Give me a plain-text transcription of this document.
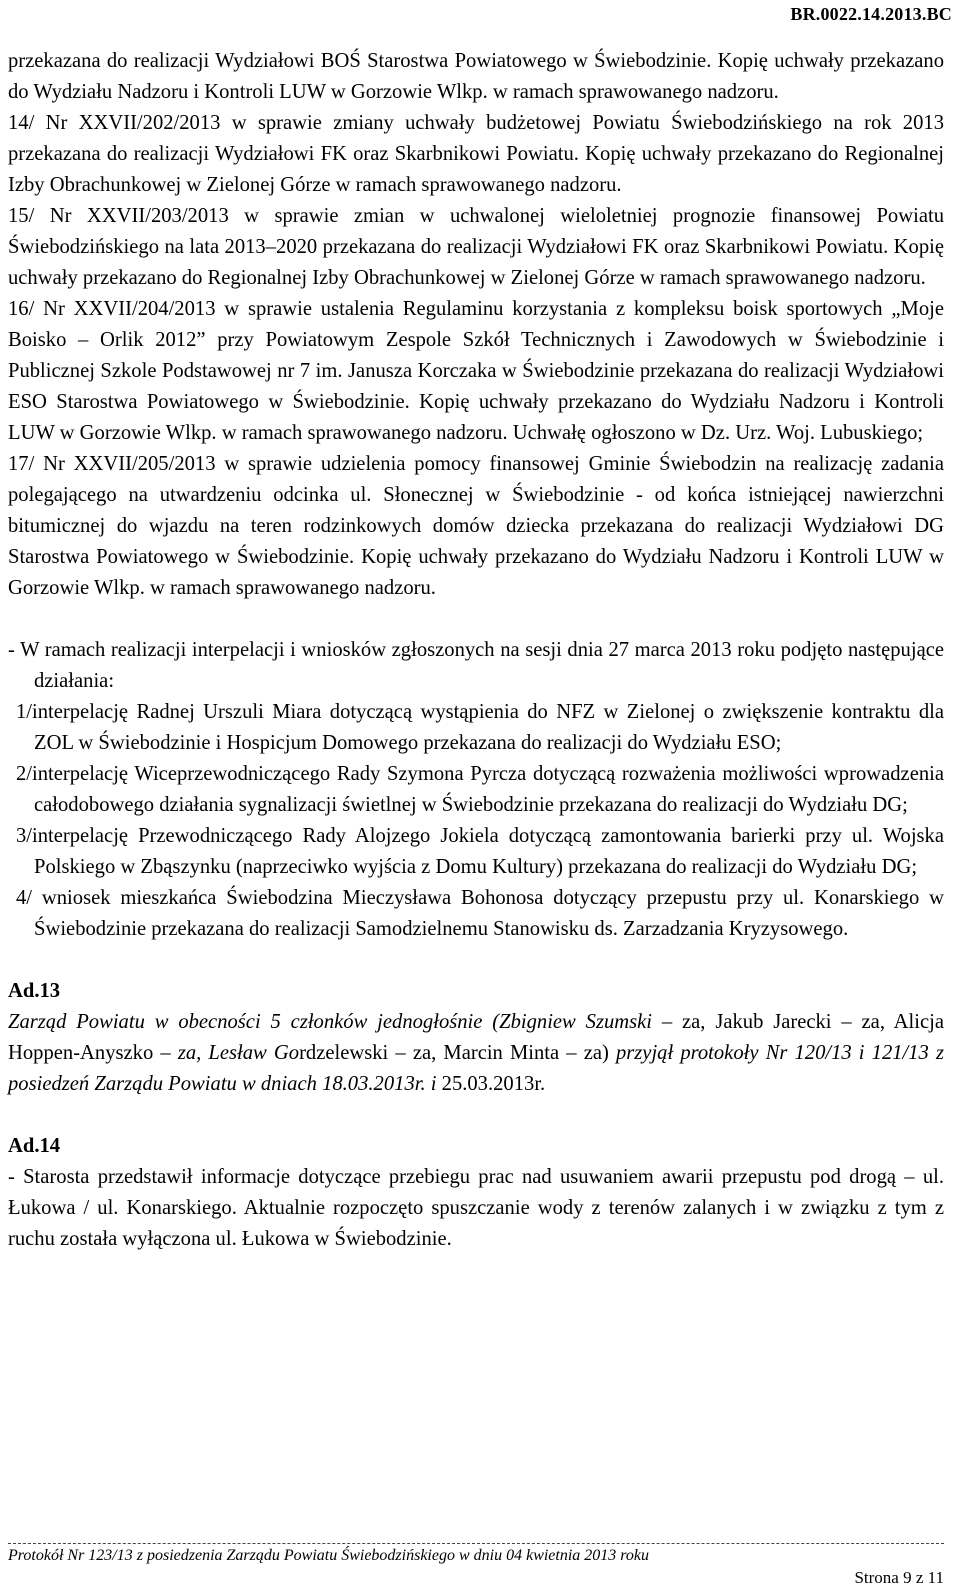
BR.0022.14.2013.BC

przekazana do realizacji Wydziałowi BOŚ Starostwa Powiatowego w Świebodzinie. Kopię uchwały przekazano do Wydziału Nadzoru i Kontroli LUW w Gorzowie Wlkp. w ramach sprawowanego nadzoru.

14/ Nr XXVII/202/2013 w sprawie zmiany uchwały budżetowej Powiatu Świebodzińskiego na rok 2013 przekazana do realizacji Wydziałowi FK oraz Skarbnikowi Powiatu. Kopię uchwały przekazano do Regionalnej Izby Obrachunkowej w Zielonej Górze w ramach sprawowanego nadzoru.

15/ Nr XXVII/203/2013 w sprawie zmian w uchwalonej wieloletniej prognozie finansowej Powiatu Świebodzińskiego na lata 2013–2020 przekazana do realizacji Wydziałowi FK oraz Skarbnikowi Powiatu. Kopię uchwały przekazano do Regionalnej Izby Obrachunkowej w Zielonej Górze w ramach sprawowanego nadzoru.

16/ Nr XXVII/204/2013 w sprawie ustalenia Regulaminu korzystania z kompleksu boisk sportowych „Moje Boisko – Orlik 2012” przy Powiatowym Zespole Szkół Technicznych i Zawodowych w Świebodzinie i Publicznej Szkole Podstawowej nr 7 im. Janusza Korczaka w Świebodzinie przekazana do realizacji Wydziałowi ESO Starostwa Powiatowego w Świebodzinie. Kopię uchwały przekazano do Wydziału Nadzoru i Kontroli LUW w Gorzowie Wlkp. w ramach sprawowanego nadzoru. Uchwałę ogłoszono w Dz. Urz. Woj. Lubuskiego;

17/ Nr XXVII/205/2013 w sprawie udzielenia pomocy finansowej Gminie Świebodzin na realizację zadania polegającego na utwardzeniu odcinka ul. Słonecznej w Świebodzinie - od końca istniejącej nawierzchni bitumicznej do wjazdu na teren rodzinkowych domów dziecka przekazana do realizacji Wydziałowi DG Starostwa Powiatowego w Świebodzinie. Kopię uchwały przekazano do Wydziału Nadzoru i Kontroli LUW w Gorzowie Wlkp. w ramach sprawowanego nadzoru.

- W ramach realizacji interpelacji i wniosków zgłoszonych na sesji dnia 27 marca 2013 roku podjęto następujące działania:

1/interpelację Radnej Urszuli Miara dotyczącą wystąpienia do NFZ w Zielonej o zwiększenie kontraktu dla ZOL w Świebodzinie i Hospicjum Domowego przekazana do realizacji do Wydziału ESO;

2/interpelację Wiceprzewodniczącego Rady Szymona Pyrcza dotyczącą rozważenia możliwości wprowadzenia całodobowego działania sygnalizacji świetlnej w Świebodzinie przekazana do realizacji do Wydziału DG;

3/interpelację Przewodniczącego Rady Alojzego Jokiela dotyczącą zamontowania barierki przy ul. Wojska Polskiego w Zbąszynku (naprzeciwko wyjścia z Domu Kultury) przekazana do realizacji do Wydziału DG;

4/ wniosek mieszkańca Świebodzina Mieczysława Bohonosa dotyczący przepustu przy ul. Konarskiego w Świebodzinie przekazana do realizacji Samodzielnemu Stanowisku ds. Zarzadzania Kryzysowego.

Ad.13

Zarząd Powiatu w obecności 5 członków jednogłośnie (Zbigniew Szumski – za, Jakub Jarecki – za, Alicja Hoppen-Anyszko – za, Lesław Gordzelewski – za, Marcin Minta – za) przyjął protokoły Nr 120/13 i 121/13 z posiedzeń Zarządu Powiatu w dniach 18.03.2013r. i 25.03.2013r.

Ad.14

- Starosta przedstawił informacje dotyczące przebiegu prac nad usuwaniem awarii przepustu pod drogą – ul. Łukowa / ul. Konarskiego. Aktualnie rozpoczęto spuszczanie wody z terenów zalanych i w związku z tym z ruchu została wyłączona ul. Łukowa w Świebodzinie.

Protokół Nr 123/13 z posiedzenia Zarządu Powiatu Świebodzińskiego w dniu 04 kwietnia 2013 roku
Strona 9 z 11
